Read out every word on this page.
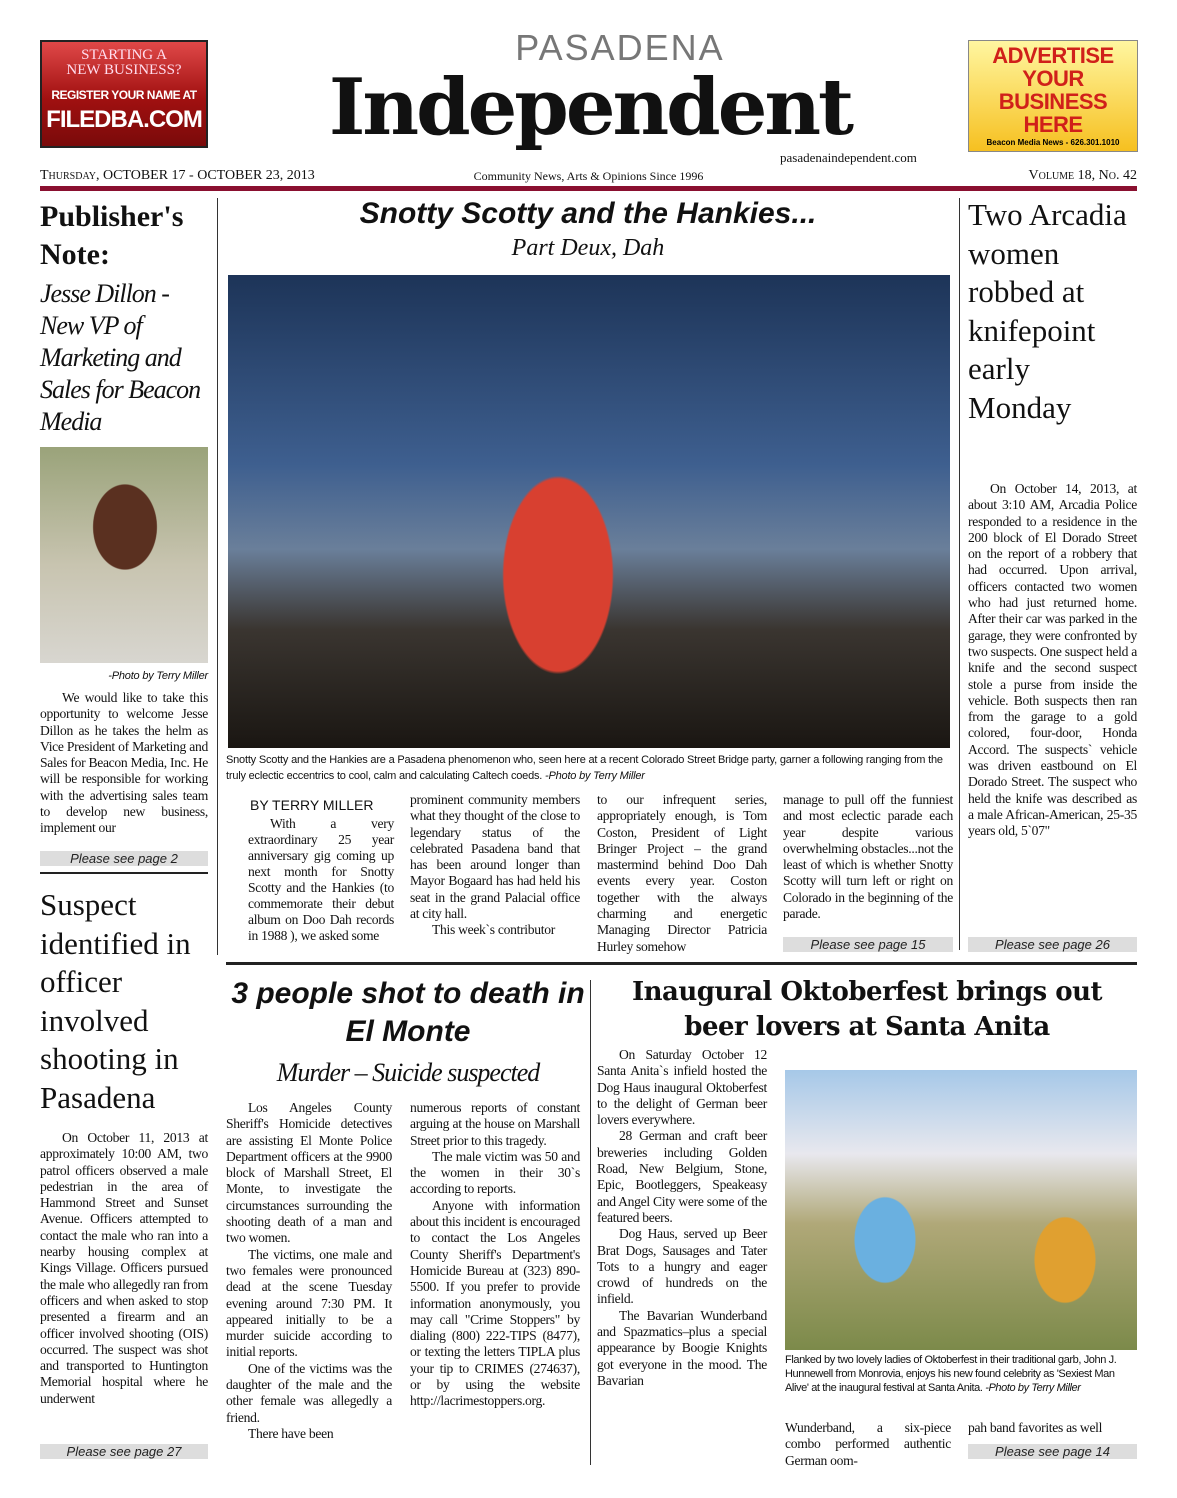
STARTING A
NEW BUSINESS?
REGISTER YOUR NAME AT
FILEDBA.COM
PASADENA
Independent
pasadenaindependent.com
ADVERTISE
YOUR
BUSINESS
HERE
Beacon Media News - 626.301.1010
Thursday, OCTOBER 17 - OCTOBER 23, 2013	Community News, Arts & Opinions Since 1996	Volume 18, No. 42
Publisher's Note:
Jesse Dillon - New VP of Marketing and Sales for Beacon Media
-Photo by Terry Miller

We would like to take this opportunity to welcome Jesse Dillon as he takes the helm as Vice President of Marketing and Sales for Beacon Media, Inc. He will be responsible for working with the advertising sales team to develop new business, implement our

Please see page 2
Suspect identified in officer involved shooting in Pasadena

On October 11, 2013 at approximately 10:00 AM, two patrol officers observed a male pedestrian in the area of Hammond Street and Sunset Avenue. Officers attempted to contact the male who ran into a nearby housing complex at Kings Village. Officers pursued the male who allegedly ran from officers and when asked to stop presented a firearm and an officer involved shooting (OIS) occurred. The suspect was shot and transported to Huntington Memorial hospital where he underwent

Please see page 27
Snotty Scotty and the Hankies...
Part Deux, Dah
Snotty Scotty and the Hankies are a Pasadena phenomenon who, seen here at a recent Colorado Street Bridge party, garner a following ranging from the truly eclectic eccentrics to cool, calm and calculating Caltech coeds. -Photo by Terry Miller
BY TERRY MILLER

With a very extraordinary 25 year anniversary gig coming up next month for Snotty Scotty and the Hankies (to commemorate their debut album on Doo Dah records in 1988 ), we asked some

prominent community members what they thought of the close to legendary status of the celebrated Pasadena band that has been around longer than Mayor Bogaard has had held his seat in the grand Palacial office at city hall.

This week`s contributor

to our infrequent series, appropriately enough, is Tom Coston, President of Light Bringer Project – the grand mastermind behind Doo Dah events every year. Coston together with the always charming and energetic Managing Director Patricia Hurley somehow

manage to pull off the funniest and most eclectic parade each year despite various overwhelming obstacles...not the least of which is whether Snotty Scotty will turn left or right on Colorado in the beginning of the parade.

Please see page 15
Two Arcadia women robbed at knifepoint early Monday

On October 14, 2013, at about 3:10 AM, Arcadia Police responded to a residence in the 200 block of El Dorado Street on the report of a robbery that had occurred. Upon arrival, officers contacted two women who had just returned home. After their car was parked in the garage, they were confronted by two suspects. One suspect held a knife and the second suspect stole a purse from inside the vehicle. Both suspects then ran from the garage to a gold colored, four-door, Honda Accord. The suspects` vehicle was driven eastbound on El Dorado Street. The suspect who held the knife was described as a male African-American, 25-35 years old, 5`07"

Please see page 26
3 people shot to death in El Monte
Murder – Suicide suspected

Los Angeles County Sheriff's Homicide detectives are assisting El Monte Police Department officers at the 9900 block of Marshall Street, El Monte, to investigate the circumstances surrounding the shooting death of a man and two women.

The victims, one male and two females were pronounced dead at the scene Tuesday evening around 7:30 PM. It appeared initially to be a murder suicide according to initial reports.

One of the victims was the daughter of the male and the other female was allegedly a friend.

There have been

numerous reports of constant arguing at the house on Marshall Street prior to this tragedy.

The male victim was 50 and the women in their 30`s according to reports.

Anyone with information about this incident is encouraged to contact the Los Angeles County Sheriff's Department's Homicide Bureau at (323) 890-5500. If you prefer to provide information anonymously, you may call "Crime Stoppers" by dialing (800) 222-TIPS (8477), or texting the letters TIPLA plus your tip to CRIMES (274637), or by using the website http://lacrimestoppers.org.

Inaugural Oktoberfest brings out beer lovers at Santa Anita

On Saturday October 12 Santa Anita`s infield hosted the Dog Haus inaugural Oktoberfest to the delight of German beer lovers everywhere.

28 German and craft beer breweries including Golden Road, New Belgium, Stone, Epic, Bootleggers, Speakeasy and Angel City were some of the featured beers.

Dog Haus, served up Beer Brat Dogs, Sausages and Tater Tots to a hungry and eager crowd of hundreds on the infield.

The Bavarian Wunderband and Spazmatics–plus a special appearance by Boogie Knights got everyone in the mood. The Bavarian

Flanked by two lovely ladies of Oktoberfest in their traditional garb, John J. Hunnewell from Monrovia, enjoys his new found celebrity as 'Sexiest Man Alive' at the inaugural festival at Santa Anita. -Photo by Terry Miller

Wunderband, a six-piece combo performed authentic German oom-

pah band favorites as well

Please see page 14
